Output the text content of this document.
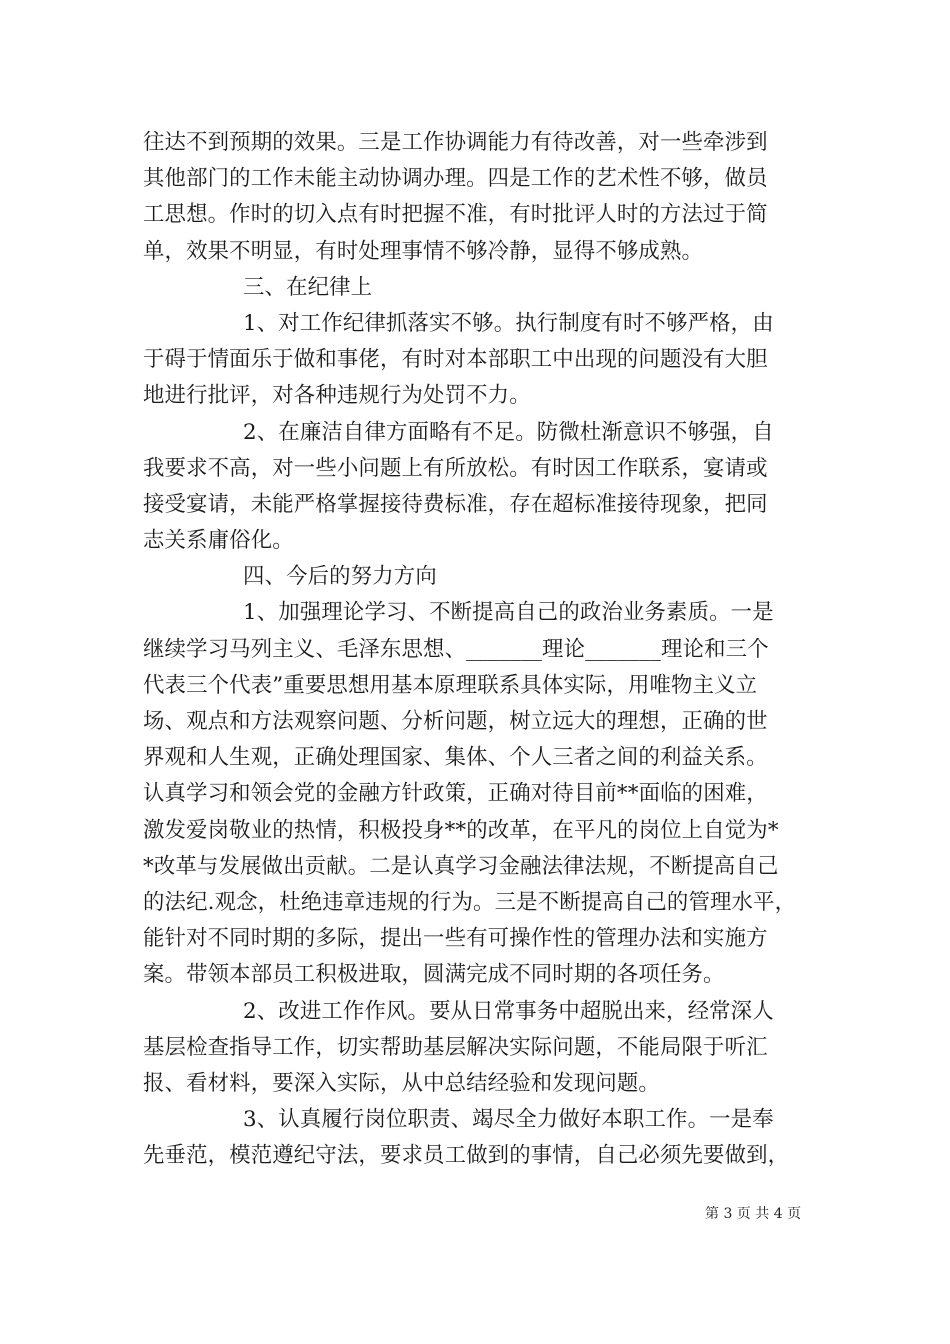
往达不到预期的效果。三是工作协调能力有待改善，对一些牵涉到
其他部门的工作未能主动协调办理。四是工作的艺术性不够，做员
工思想。作时的切入点有时把握不准，有时批评人时的方法过于简
单，效果不明显，有时处理事情不够冷静，显得不够成熟。
三、在纪律上
1、对工作纪律抓落实不够。执行制度有时不够严格，由
于碍于情面乐于做和事佬，有时对本部职工中出现的问题没有大胆
地进行批评，对各种违规行为处罚不力。
2、在廉洁自律方面略有不足。防微杜渐意识不够强，自
我要求不高，对一些小问题上有所放松。有时因工作联系，宴请或
接受宴请，未能严格掌握接待费标准，存在超标准接待现象，把同
志关系庸俗化。
四、今后的努力方向
1、加强理论学习、不断提高自己的政治业务素质。一是
继续学习马列主义、毛泽东思想、_______理论_______理论和三个
代表三个代表”重要思想用基本原理联系具体实际，用唯物主义立
场、观点和方法观察问题、分析问题，树立远大的理想，正确的世
界观和人生观，正确处理国家、集体、个人三者之间的利益关系。
认真学习和领会党的金融方针政策，正确对待目前**面临的困难，
激发爱岗敬业的热情，积极投身**的改革，在平凡的岗位上自觉为*
*改革与发展做出贡献。二是认真学习金融法律法规，不断提高自己
的法纪.观念，杜绝违章违规的行为。三是不断提高自己的管理水平，
能针对不同时期的多际，提出一些有可操作性的管理办法和实施方
案。带领本部员工积极进取，圆满完成不同时期的各项任务。
2、改进工作作风。要从日常事务中超脱出来，经常深人
基层检查指导工作，切实帮助基层解决实际问题，不能局限于听汇
报、看材料，要深入实际，从中总结经验和发现问题。
3、认真履行岗位职责、竭尽全力做好本职工作。一是奉
先垂范，模范遵纪守法，要求员工做到的事情，自己必须先要做到，
第 3 页 共 4 页
